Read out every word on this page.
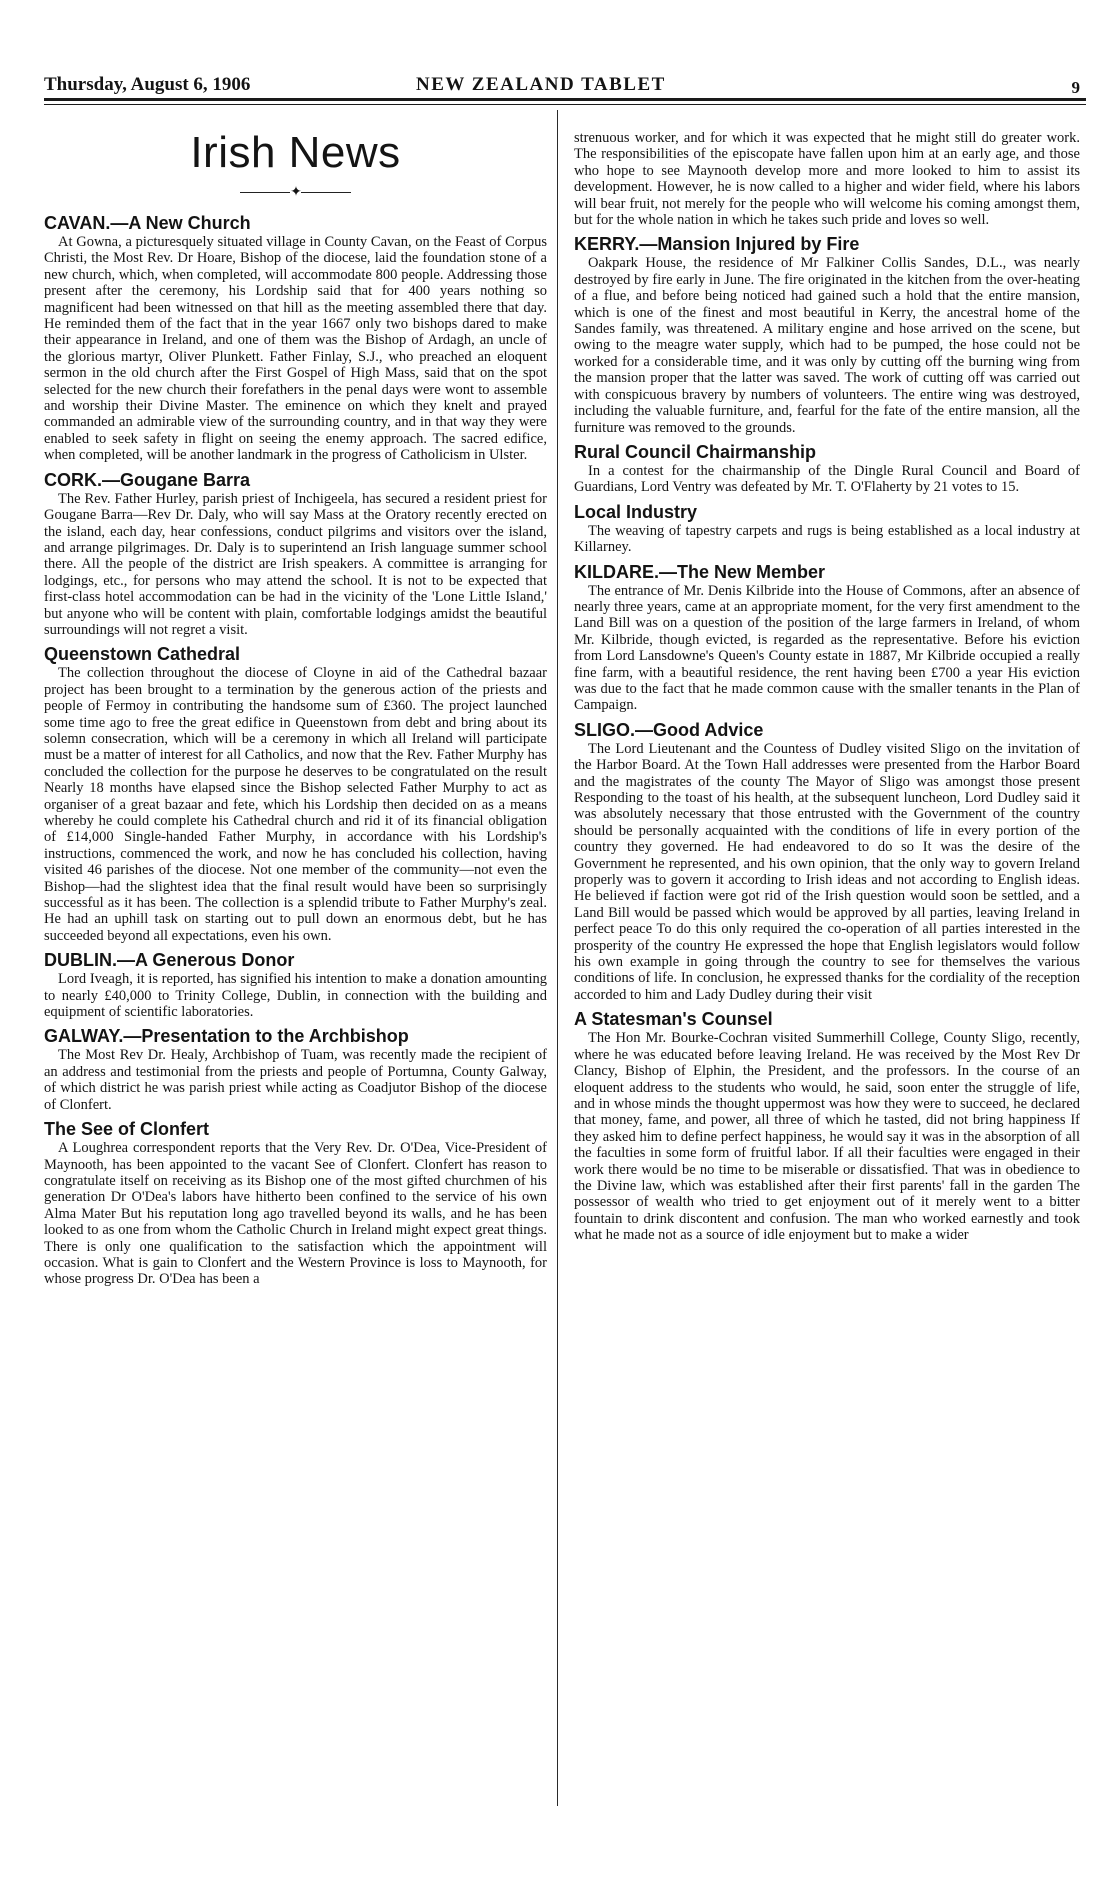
Thursday, August 6, 1906	NEW ZEALAND TABLET	9
Irish News
✦
CAVAN.—A New Church

At Gowna, a picturesquely situated village in County Cavan, on the Feast of Corpus Christi, the Most Rev. Dr Hoare, Bishop of the diocese, laid the foundation stone of a new church, which, when completed, will accommodate 800 people. Addressing those present after the ceremony, his Lordship said that for 400 years nothing so magnificent had been witnessed on that hill as the meeting assembled there that day. He reminded them of the fact that in the year 1667 only two bishops dared to make their appearance in Ireland, and one of them was the Bishop of Ardagh, an uncle of the glorious martyr, Oliver Plunkett. Father Finlay, S.J., who preached an eloquent sermon in the old church after the First Gospel of High Mass, said that on the spot selected for the new church their forefathers in the penal days were wont to assemble and worship their Divine Master. The eminence on which they knelt and prayed commanded an admirable view of the surrounding country, and in that way they were enabled to seek safety in flight on seeing the enemy approach. The sacred edifice, when completed, will be another landmark in the progress of Catholicism in Ulster.

CORK.—Gougane Barra

The Rev. Father Hurley, parish priest of Inchigeela, has secured a resident priest for Gougane Barra—Rev Dr. Daly, who will say Mass at the Oratory recently erected on the island, each day, hear confessions, conduct pilgrims and visitors over the island, and arrange pilgrimages. Dr. Daly is to superintend an Irish language summer school there. All the people of the district are Irish speakers. A committee is arranging for lodgings, etc., for persons who may attend the school. It is not to be expected that first-class hotel accommodation can be had in the vicinity of the 'Lone Little Island,' but anyone who will be content with plain, comfortable lodgings amidst the beautiful surroundings will not regret a visit.

Queenstown Cathedral

The collection throughout the diocese of Cloyne in aid of the Cathedral bazaar project has been brought to a termination by the generous action of the priests and people of Fermoy in contributing the handsome sum of £360. The project launched some time ago to free the great edifice in Queenstown from debt and bring about its solemn consecration, which will be a ceremony in which all Ireland will participate must be a matter of interest for all Catholics, and now that the Rev. Father Murphy has concluded the collection for the purpose he deserves to be congratulated on the result Nearly 18 months have elapsed since the Bishop selected Father Murphy to act as organiser of a great bazaar and fete, which his Lordship then decided on as a means whereby he could complete his Cathedral church and rid it of its financial obligation of £14,000 Single-handed Father Murphy, in accordance with his Lordship's instructions, commenced the work, and now he has concluded his collection, having visited 46 parishes of the diocese. Not one member of the community—not even the Bishop—had the slightest idea that the final result would have been so surprisingly successful as it has been. The collection is a splendid tribute to Father Murphy's zeal. He had an uphill task on starting out to pull down an enormous debt, but he has succeeded beyond all expectations, even his own.

DUBLIN.—A Generous Donor

Lord Iveagh, it is reported, has signified his intention to make a donation amounting to nearly £40,000 to Trinity College, Dublin, in connection with the building and equipment of scientific laboratories.

GALWAY.—Presentation to the Archbishop

The Most Rev Dr. Healy, Archbishop of Tuam, was recently made the recipient of an address and testimonial from the priests and people of Portumna, County Galway, of which district he was parish priest while acting as Coadjutor Bishop of the diocese of Clonfert.

The See of Clonfert

A Loughrea correspondent reports that the Very Rev. Dr. O'Dea, Vice-President of Maynooth, has been appointed to the vacant See of Clonfert. Clonfert has reason to congratulate itself on receiving as its Bishop one of the most gifted churchmen of his generation Dr O'Dea's labors have hitherto been confined to the service of his own Alma Mater But his reputation long ago travelled beyond its walls, and he has been looked to as one from whom the Catholic Church in Ireland might expect great things. There is only one qualification to the satisfaction which the appointment will occasion. What is gain to Clonfert and the Western Province is loss to Maynooth, for whose progress Dr. O'Dea has been a

strenuous worker, and for which it was expected that he might still do greater work. The responsibilities of the episcopate have fallen upon him at an early age, and those who hope to see Maynooth develop more and more looked to him to assist its development. However, he is now called to a higher and wider field, where his labors will bear fruit, not merely for the people who will welcome his coming amongst them, but for the whole nation in which he takes such pride and loves so well.

KERRY.—Mansion Injured by Fire

Oakpark House, the residence of Mr Falkiner Collis Sandes, D.L., was nearly destroyed by fire early in June. The fire originated in the kitchen from the over-heating of a flue, and before being noticed had gained such a hold that the entire mansion, which is one of the finest and most beautiful in Kerry, the ancestral home of the Sandes family, was threatened. A military engine and hose arrived on the scene, but owing to the meagre water supply, which had to be pumped, the hose could not be worked for a considerable time, and it was only by cutting off the burning wing from the mansion proper that the latter was saved. The work of cutting off was carried out with conspicuous bravery by numbers of volunteers. The entire wing was destroyed, including the valuable furniture, and, fearful for the fate of the entire mansion, all the furniture was removed to the grounds.

Rural Council Chairmanship

In a contest for the chairmanship of the Dingle Rural Council and Board of Guardians, Lord Ventry was defeated by Mr. T. O'Flaherty by 21 votes to 15.

Local Industry

The weaving of tapestry carpets and rugs is being established as a local industry at Killarney.

KILDARE.—The New Member

The entrance of Mr. Denis Kilbride into the House of Commons, after an absence of nearly three years, came at an appropriate moment, for the very first amendment to the Land Bill was on a question of the position of the large farmers in Ireland, of whom Mr. Kilbride, though evicted, is regarded as the representative. Before his eviction from Lord Lansdowne's Queen's County estate in 1887, Mr Kilbride occupied a really fine farm, with a beautiful residence, the rent having been £700 a year His eviction was due to the fact that he made common cause with the smaller tenants in the Plan of Campaign.

SLIGO.—Good Advice

The Lord Lieutenant and the Countess of Dudley visited Sligo on the invitation of the Harbor Board. At the Town Hall addresses were presented from the Harbor Board and the magistrates of the county The Mayor of Sligo was amongst those present Responding to the toast of his health, at the subsequent luncheon, Lord Dudley said it was absolutely necessary that those entrusted with the Government of the country should be personally acquainted with the conditions of life in every portion of the country they governed. He had endeavored to do so It was the desire of the Government he represented, and his own opinion, that the only way to govern Ireland properly was to govern it according to Irish ideas and not according to English ideas. He believed if faction were got rid of the Irish question would soon be settled, and a Land Bill would be passed which would be approved by all parties, leaving Ireland in perfect peace To do this only required the co-operation of all parties interested in the prosperity of the country He expressed the hope that English legislators would follow his own example in going through the country to see for themselves the various conditions of life. In conclusion, he expressed thanks for the cordiality of the reception accorded to him and Lady Dudley during their visit

A Statesman's Counsel

The Hon Mr. Bourke-Cochran visited Summerhill College, County Sligo, recently, where he was educated before leaving Ireland. He was received by the Most Rev Dr Clancy, Bishop of Elphin, the President, and the professors. In the course of an eloquent address to the students who would, he said, soon enter the struggle of life, and in whose minds the thought uppermost was how they were to succeed, he declared that money, fame, and power, all three of which he tasted, did not bring happiness If they asked him to define perfect happiness, he would say it was in the absorption of all the faculties in some form of fruitful labor. If all their faculties were engaged in their work there would be no time to be miserable or dissatisfied. That was in obedience to the Divine law, which was established after their first parents' fall in the garden The possessor of wealth who tried to get enjoyment out of it merely went to a bitter fountain to drink discontent and confusion. The man who worked earnestly and took what he made not as a source of idle enjoyment but to make a wider
